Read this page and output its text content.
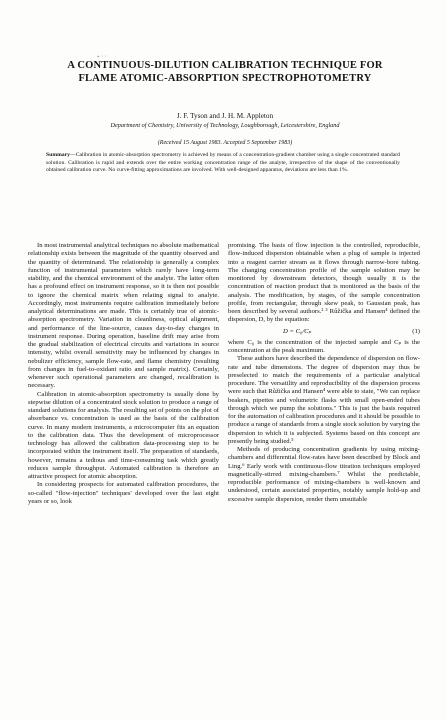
* ' '
A CONTINUOUS-DILUTION CALIBRATION TECHNIQUE FOR FLAME ATOMIC-ABSORPTION SPECTROPHOTOMETRY

J. F. Tyson and J. H. M. Appleton

Department of Chemistry, University of Technology, Loughborough, Leicestershire, England

(Received 15 August 1983. Accepted 5 September 1983)

Summary—Calibration in atomic-absorption spectrometry is achieved by means of a concentration-gradient chamber using a single concentrated standard solution. Calibration is rapid and extends over the entire working concentration range of the analyte, irrespective of the shape of the conventionally obtained calibration curve. No curve-fitting approximations are involved. With well-designed apparatus, deviations are less than 1%.

In most instrumental analytical techniques no absolute mathematical relationship exists between the magnitude of the quantity observed and the quantity of determinand. The relationship is generally a complex function of instrumental parameters which rarely have long-term stability, and the chemical environment of the analyte. The latter often has a profound effect on instrument response, so it is then not possible to ignore the chemical matrix when relating signal to analyte. Accordingly, most instruments require calibration immediately before analytical determinations are made. This is certainly true of atomic-absorption spectrometry. Variation in cleanliness, optical alignment, and performance of the line-source, causes day-to-day changes in instrument response. During operation, baseline drift may arise from the gradual stabilization of electrical circuits and variations in source intensity, whilst overall sensitivity may be influenced by changes in nebulizer efficiency, sample flow-rate, and flame chemistry (resulting from changes in fuel-to-oxidant ratio and sample matrix). Certainly, whenever such operational parameters are changed, recalibration is necessary.

Calibration in atomic-absorption spectrometry is usually done by stepwise dilution of a concentrated stock solution to produce a range of standard solutions for analysis. The resulting set of points on the plot of absorbance vs. concentration is used as the basis of the calibration curve. In many modern instruments, a microcomputer fits an equation to the calibration data. Thus the development of microprocessor technology has allowed the calibration data-processing step to be incorporated within the instrument itself. The preparation of standards, however, remains a tedious and time-consuming task which greatly reduces sample throughput. Automated calibration is therefore an attractive prospect for atomic absorption.

In considering prospects for automated calibration procedures, the so-called "flow-injection" techniques' developed over the last eight years or so, look

promising. The basis of flow injection is the controlled, reproducible, flow-induced dispersion obtainable when a plug of sample is injected into a reagent carrier stream as it flows through narrow-bore tubing. The changing concentration profile of the sample solution may be monitored by downstream detectors, though usually it is the concentration of reaction product that is monitored as the basis of the analysis. The modification, by stages, of the sample concentration profile, from rectangular, through skew peak, to Gaussian peak, has been described by several authors.² ³ Růžička and Hansen⁴ defined the dispersion, D, by the equation:

D = C₀/Cₚ	(1)

where C₀ is the concentration of the injected sample and Cₚ is the concentration at the peak maximum.

These authors have described the dependence of dispersion on flow-rate and tube dimensions. The degree of dispersion may thus be preselected to match the requirements of a particular analytical procedure. The versatility and reproducibility of the dispersion process were such that Růžička and Hansen⁴ were able to state, "We can replace beakers, pipettes and volumetric flasks with small open-ended tubes through which we pump the solutions." This is just the basis required for the automation of calibration procedures and it should be possible to produce a range of standards from a single stock solution by varying the dispersion to which it is subjected. Systems based on this concept are presently being studied.⁵

Methods of producing concentration gradients by using mixing-chambers and differential flow-rates have been described by Block and Ling.⁶ Early work with continuous-flow titration techniques employed magnetically-stirred mixing-chambers.⁷ Whilst the predictable, reproducible performance of mixing-chambers is well-known and understood, certain associated properties, notably sample hold-up and excessive sample dispersion, render them unsuitable
